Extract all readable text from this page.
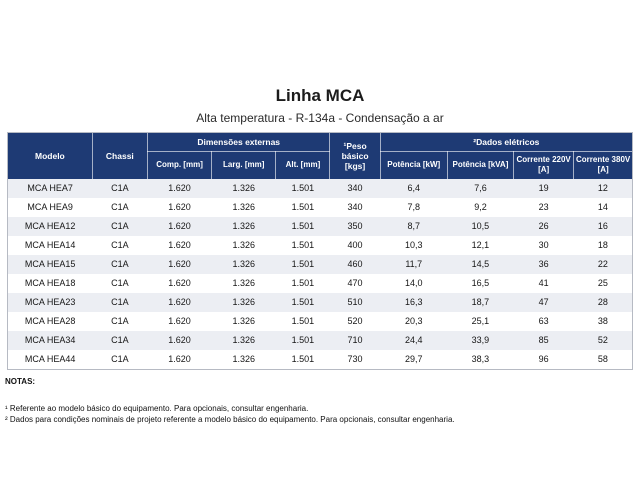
Linha MCA
Alta temperatura - R-134a - Condensação a ar
Modelo	Chassi	Dimensões externas			¹Peso básico [kgs]	²Dados elétricos			
		Comp. [mm]	Larg. [mm]	Alt. [mm]		Potência [kW]	Potência [kVA]	Corrente 220V [A]	Corrente 380V [A]
MCA HEA7	C1A	1.620	1.326	1.501	340	6,4	7,6	19	12
MCA HEA9	C1A	1.620	1.326	1.501	340	7,8	9,2	23	14
MCA HEA12	C1A	1.620	1.326	1.501	350	8,7	10,5	26	16
MCA HEA14	C1A	1.620	1.326	1.501	400	10,3	12,1	30	18
MCA HEA15	C1A	1.620	1.326	1.501	460	11,7	14,5	36	22
MCA HEA18	C1A	1.620	1.326	1.501	470	14,0	16,5	41	25
MCA HEA23	C1A	1.620	1.326	1.501	510	16,3	18,7	47	28
MCA HEA28	C1A	1.620	1.326	1.501	520	20,3	25,1	63	38
MCA HEA34	C1A	1.620	1.326	1.501	710	24,4	33,9	85	52
MCA HEA44	C1A	1.620	1.326	1.501	730	29,7	38,3	96	58
NOTAS:
¹ Referente ao modelo básico do equipamento. Para opcionais, consultar engenharia.
² Dados para condições nominais de projeto referente a modelo básico do equipamento. Para opcionais, consultar engenharia.
